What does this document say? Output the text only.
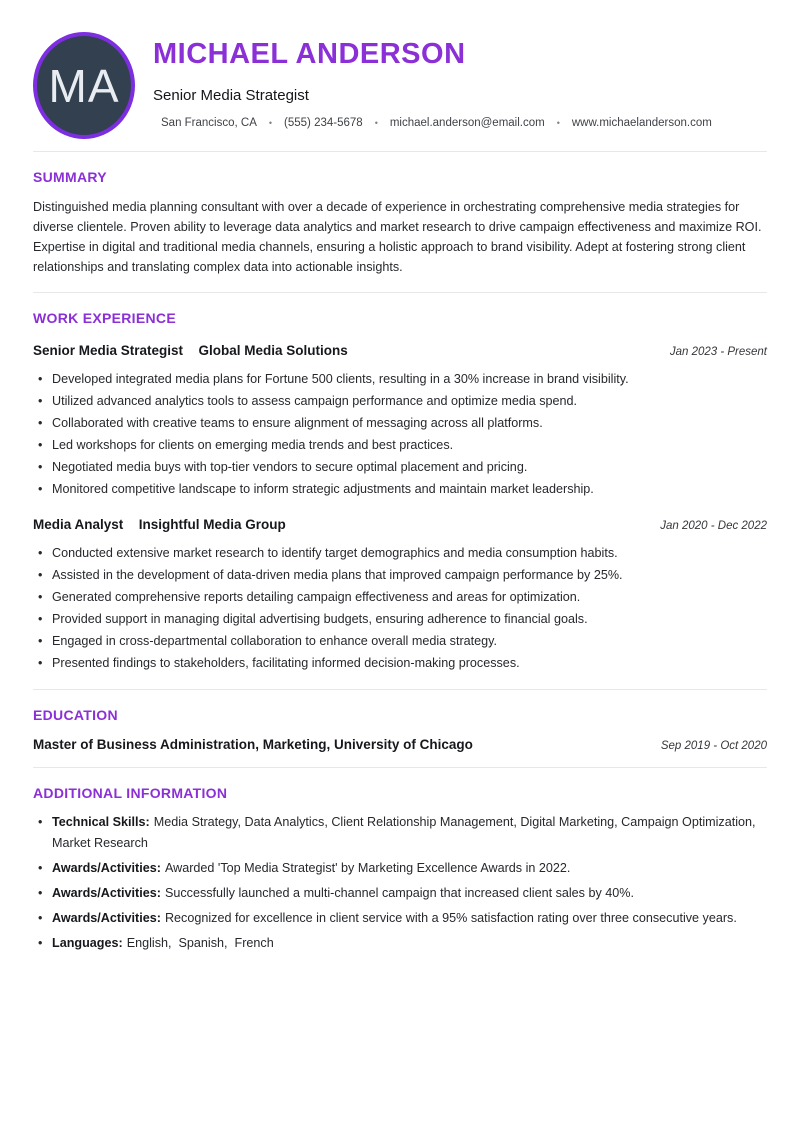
MA
MICHAEL ANDERSON
Senior Media Strategist
San Francisco, CA • (555) 234-5678 • michael.anderson@email.com • www.michaelanderson.com
SUMMARY

Distinguished media planning consultant with over a decade of experience in orchestrating comprehensive media strategies for diverse clientele. Proven ability to leverage data analytics and market research to drive campaign effectiveness and maximize ROI. Expertise in digital and traditional media channels, ensuring a holistic approach to brand visibility. Adept at fostering strong client relationships and translating complex data into actionable insights.

WORK EXPERIENCE
Senior Media Strategist Global Media Solutions	Jan 2023 - Present
• Developed integrated media plans for Fortune 500 clients, resulting in a 30% increase in brand visibility.
• Utilized advanced analytics tools to assess campaign performance and optimize media spend.
• Collaborated with creative teams to ensure alignment of messaging across all platforms.
• Led workshops for clients on emerging media trends and best practices.
• Negotiated media buys with top-tier vendors to secure optimal placement and pricing.
• Monitored competitive landscape to inform strategic adjustments and maintain market leadership.
Media Analyst Insightful Media Group	Jan 2020 - Dec 2022
• Conducted extensive market research to identify target demographics and media consumption habits.
• Assisted in the development of data-driven media plans that improved campaign performance by 25%.
• Generated comprehensive reports detailing campaign effectiveness and areas for optimization.
• Provided support in managing digital advertising budgets, ensuring adherence to financial goals.
• Engaged in cross-departmental collaboration to enhance overall media strategy.
• Presented findings to stakeholders, facilitating informed decision-making processes.
EDUCATION
Master of Business Administration, Marketing, University of Chicago	Sep 2019 - Oct 2020
ADDITIONAL INFORMATION
• Technical Skills: Media Strategy, Data Analytics, Client Relationship Management, Digital Marketing, Campaign Optimization, Market Research
• Awards/Activities: Awarded 'Top Media Strategist' by Marketing Excellence Awards in 2022.
• Awards/Activities: Successfully launched a multi-channel campaign that increased client sales by 40%.
• Awards/Activities: Recognized for excellence in client service with a 95% satisfaction rating over three consecutive years.
• Languages: English,  Spanish,  French
